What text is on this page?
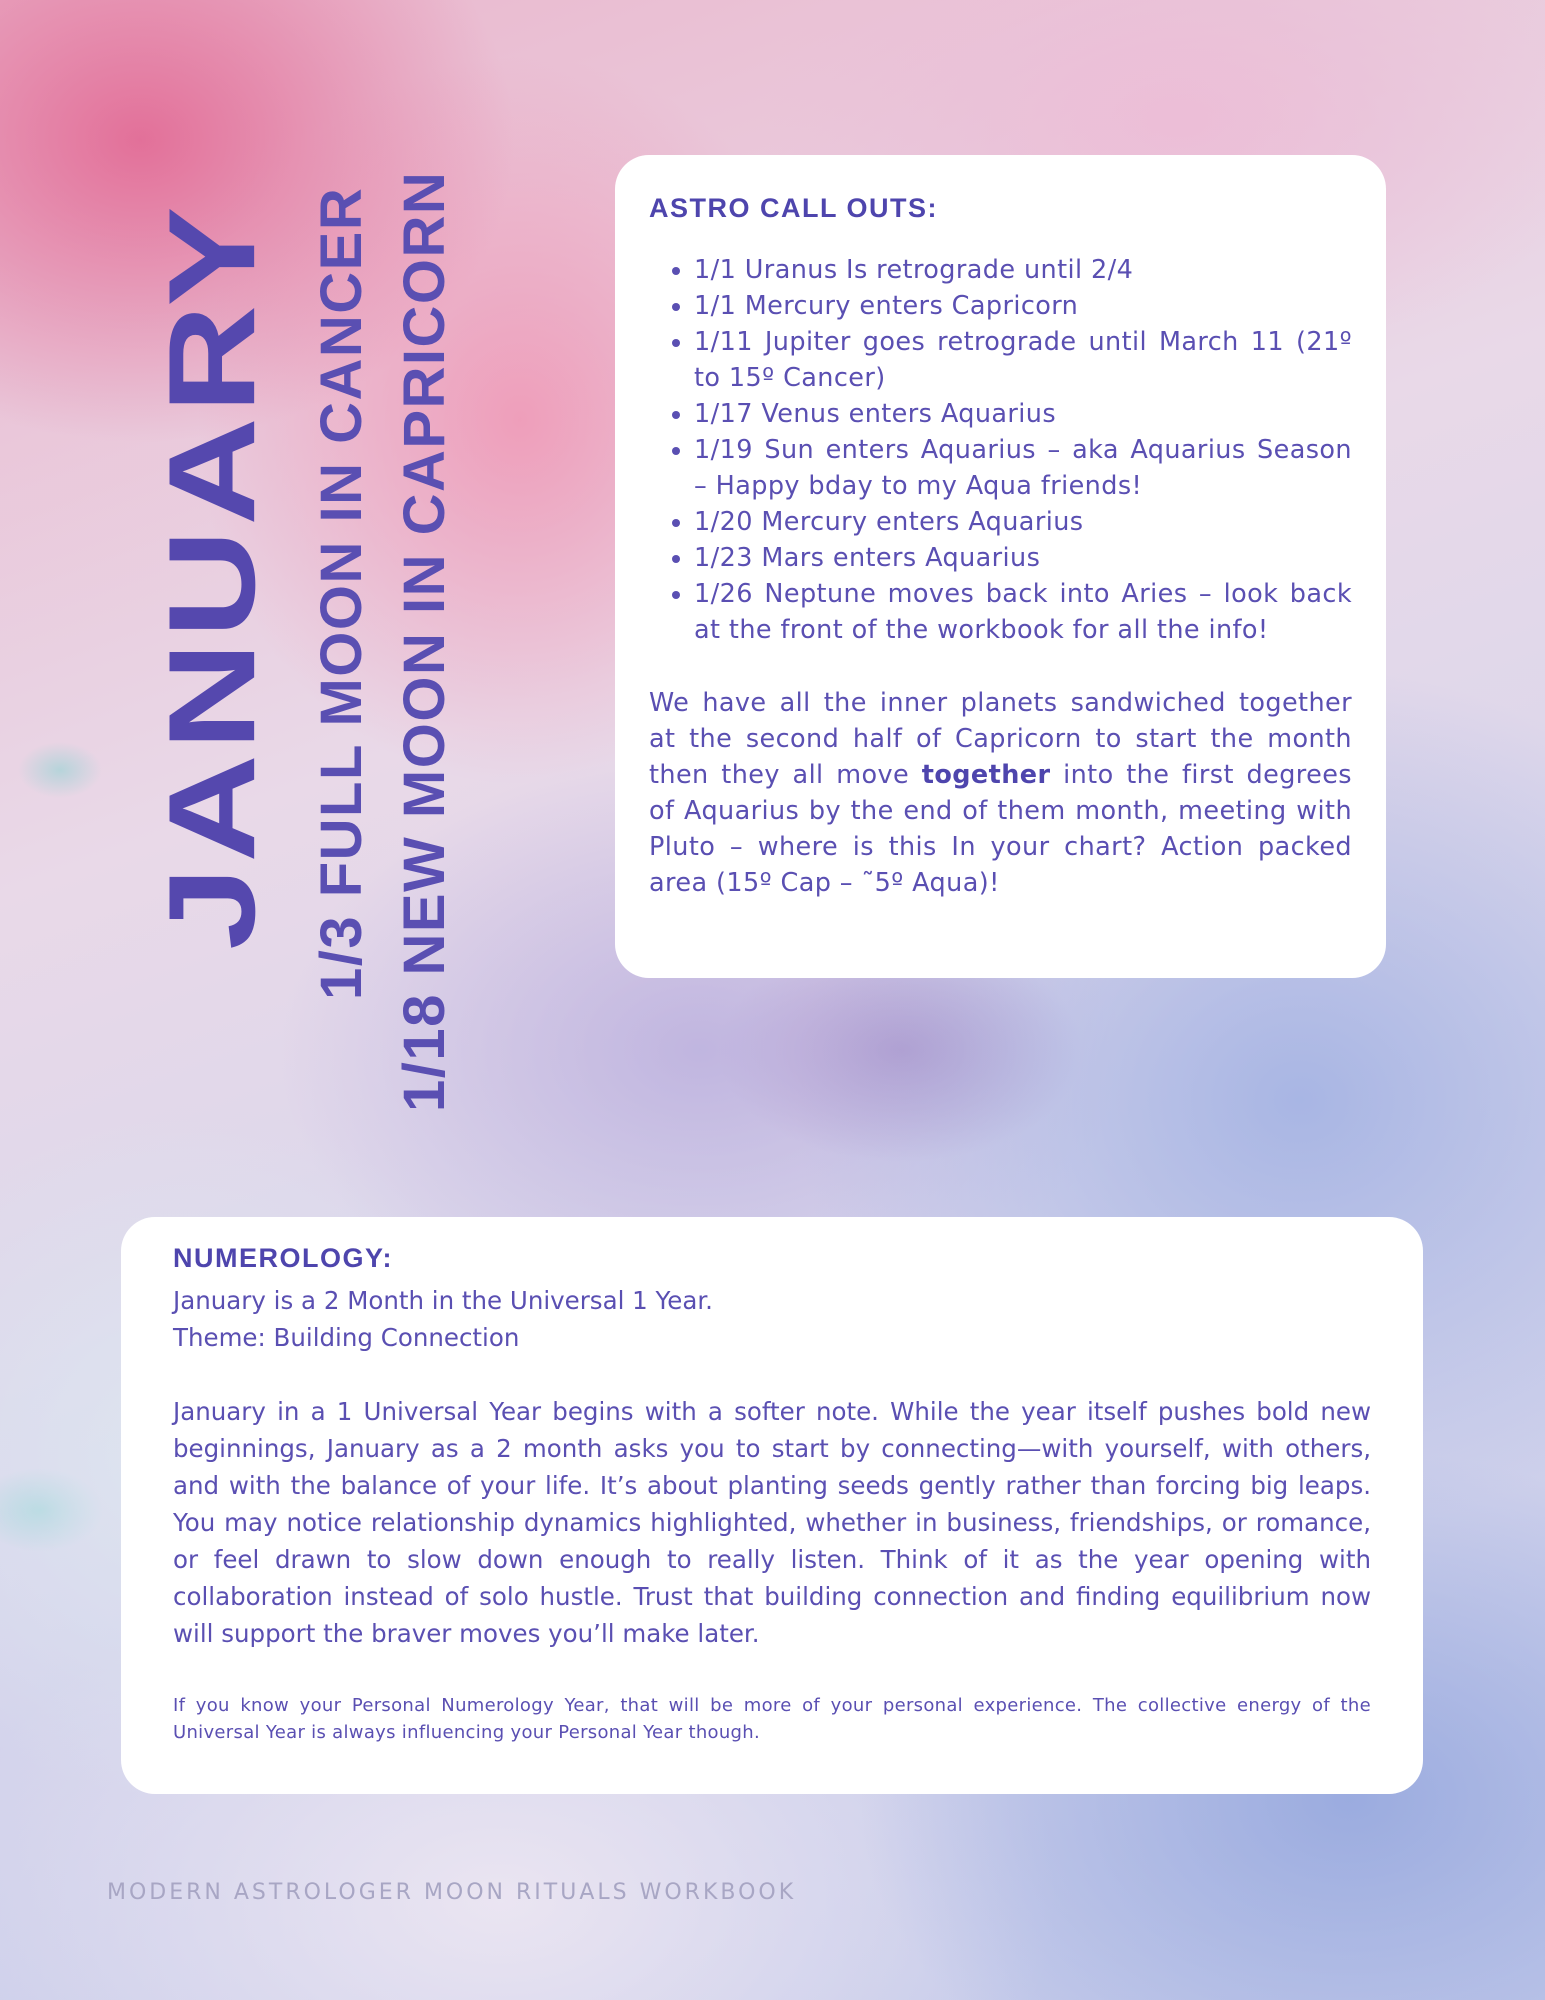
JANUARY 1/3 FULL MOON IN CANCER 1/18 NEW MOON IN CAPRICORN	ASTRO CALL OUTS:
• 1/1 Uranus Is retrograde until 2/4
• 1/1 Mercury enters Capricorn
• 1/11 Jupiter goes retrograde until March 11 (21º to 15º Cancer)
• 1/17 Venus enters Aquarius
• 1/19 Sun enters Aquarius – aka Aquarius Season – Happy bday to my Aqua friends!
• 1/20 Mercury enters Aquarius
• 1/23 Mars enters Aquarius
• 1/26 Neptune moves back into Aries – look back at the front of the workbook for all the info!

We have all the inner planets sandwiched together at the second half of Capricorn to start the month then they all move together into the first degrees of Aquarius by the end of them month, meeting with Pluto – where is this In your chart? Action packed area (15º Cap – ˜5º Aqua)!

NUMEROLOGY:

January is a 2 Month in the Universal 1 Year.

Theme: Building Connection

January in a 1 Universal Year begins with a softer note. While the year itself pushes bold new beginnings, January as a 2 month asks you to start by connecting—with yourself, with others, and with the balance of your life. It’s about planting seeds gently rather than forcing big leaps. You may notice relationship dynamics highlighted, whether in business, friendships, or romance, or feel drawn to slow down enough to really listen. Think of it as the year opening with collaboration instead of solo hustle. Trust that building connection and finding equilibrium now will support the braver moves you’ll make later.

If you know your Personal Numerology Year, that will be more of your personal experience. The collective energy of the Universal Year is always influencing your Personal Year though.

MODERN ASTROLOGER MOON RITUALS WORKBOOK
